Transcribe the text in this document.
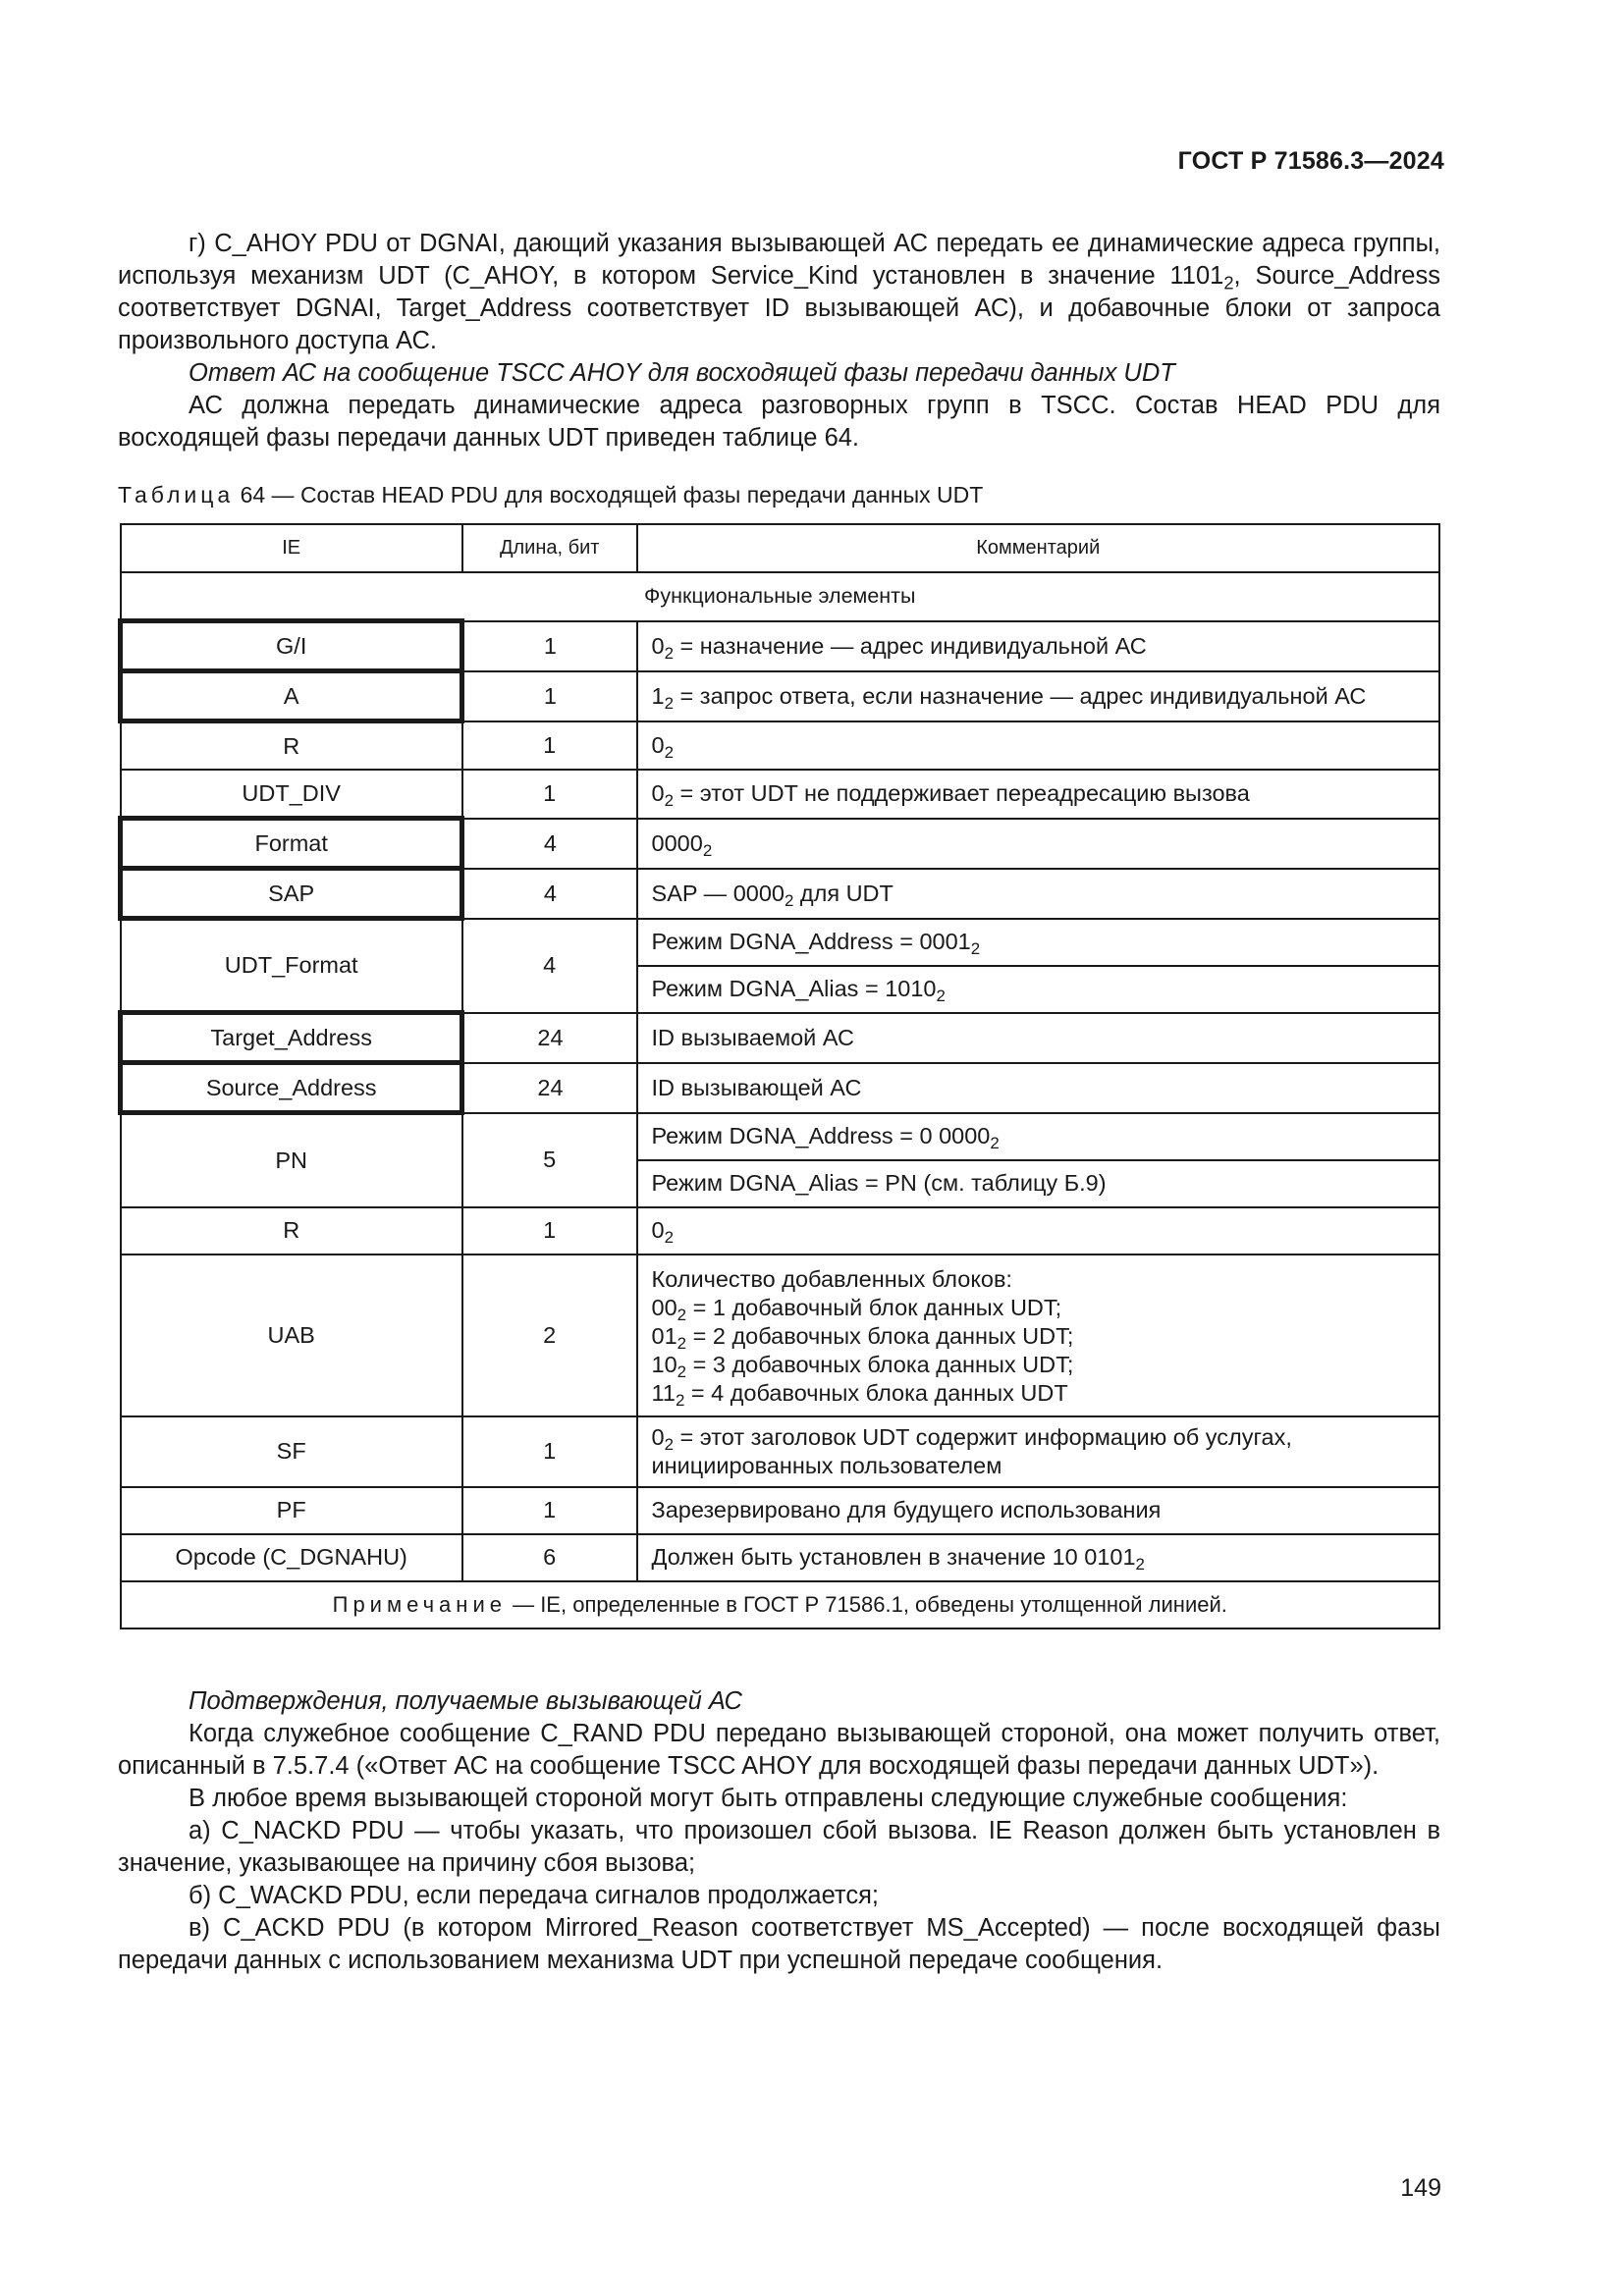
ГОСТ Р 71586.3—2024

г) C_AHOY PDU от DGNAI, дающий указания вызывающей АС передать ее динамические адреса группы, используя механизм UDT (C_AHOY, в котором Service_Kind установлен в значение $1101_2$, Source_Address соответствует DGNAI, Target_Address соответствует ID вызывающей АС), и добавочные блоки от запроса произвольного доступа АС.

Ответ АС на сообщение TSCC AHOY для восходящей фазы передачи данных UDT

АС должна передать динамические адреса разговорных групп в TSCC. Состав HEAD PDU для восходящей фазы передачи данных UDT приведен таблице 64.

Таблица 64 — Состав HEAD PDU для восходящей фазы передачи данных UDT
IE	Длина, бит	Комментарий
Функциональные элементы		
G/I	1	$0_2$ = назначение — адрес индивидуальной АС
A	1	$1_2$ = запрос ответа, если назначение — адрес индивидуальной АС
R	1	$0_2$
UDT_DIV	1	$0_2$ = этот UDT не поддерживает переадресацию вызова
Format	4	$0000_2$
SAP	4	SAP — $0000_2$ для UDT
UDT_Format	4	Режим DGNA_Address = $0001_2$
		Режим DGNA_Alias = $1010_2$
Target_Address	24	ID вызываемой АС
Source_Address	24	ID вызывающей АС
PN	5	Режим DGNA_Address = 0 $0000_2$
		Режим DGNA_Alias = PN (см. таблицу Б.9)
R	1	$0_2$
UAB	2	Количество добавленных блоков:
$00_2 = 1$ добавочный блок данных UDT;
$01_2 = 2$ добавочных блока данных UDT;
$10_2 = 3$ добавочных блока данных UDT;
$11_2 = 4$ добавочных блока данных UDT

SF	1	$0_2$ = этот заголовок UDT содержит информацию об услугах, инициированных пользователем
PF	1	Зарезервировано для будущего использования
Opcode (C_DGNAHU)	6	Должен быть установлен в значение 10 $0101_2$
Примечание — IE, определенные в ГОСТ Р 71586.1, обведены утолщенной линией.		

Подтверждения, получаемые вызывающей АС

Когда служебное сообщение C_RAND PDU передано вызывающей стороной, она может получить ответ, описанный в 7.5.7.4 («Ответ АС на сообщение TSCC AHOY для восходящей фазы передачи данных UDT»).

В любое время вызывающей стороной могут быть отправлены следующие служебные сообщения:

а) C_NACKD PDU — чтобы указать, что произошел сбой вызова. IE Reason должен быть установлен в значение, указывающее на причину сбоя вызова;

б) C_WACKD PDU, если передача сигналов продолжается;

в) C_ACKD PDU (в котором Mirrored_Reason соответствует MS_Accepted) — после восходящей фазы передачи данных с использованием механизма UDT при успешной передаче сообщения.

149
